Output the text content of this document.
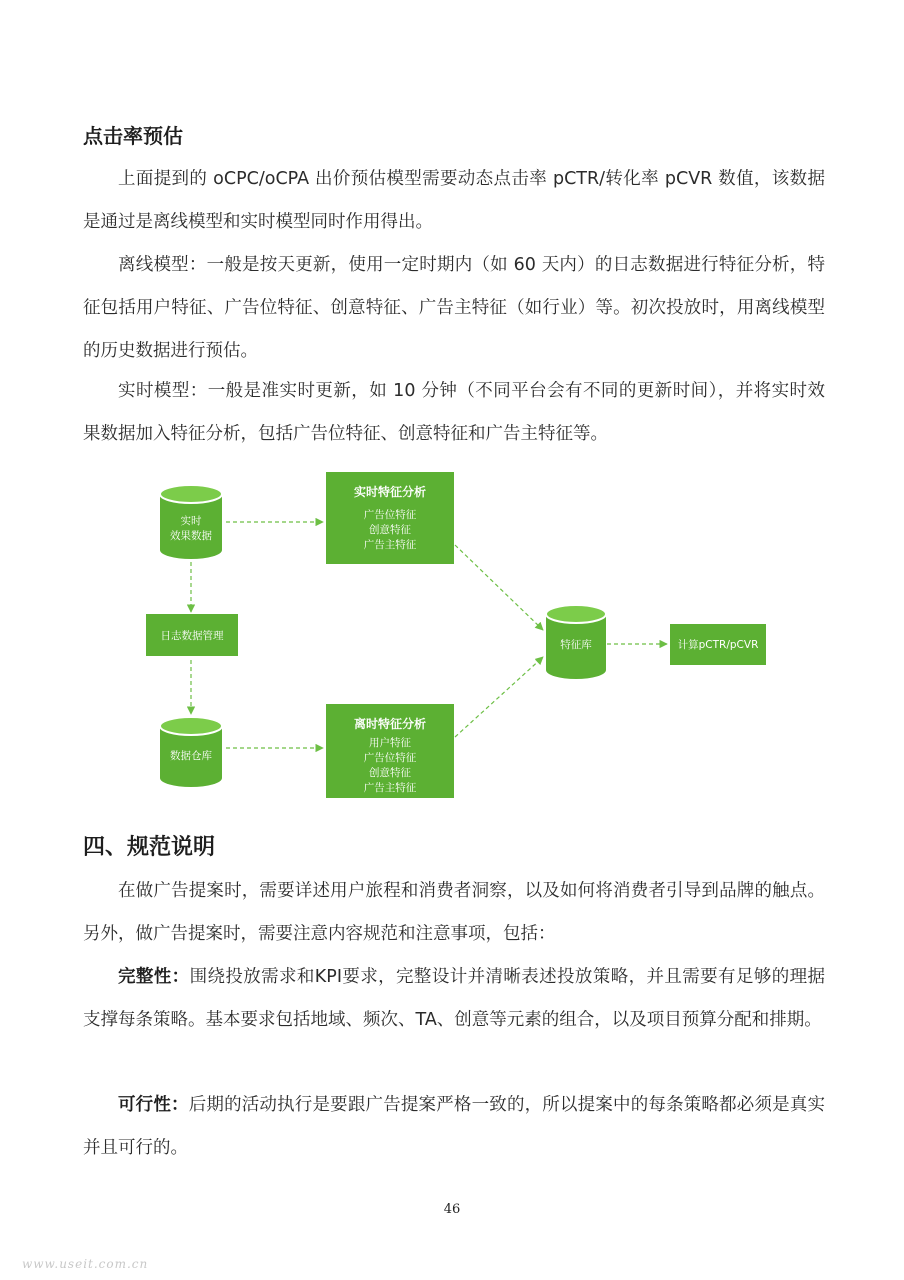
点击率预估

上面提到的 oCPC/oCPA 出价预估模型需要动态点击率 pCTR/转化率 pCVR 数值，该数据是通过是离线模型和实时模型同时作用得出。

离线模型：一般是按天更新，使用一定时期内（如 60 天内）的日志数据进行特征分析，特征包括用户特征、广告位特征、创意特征、广告主特征（如行业）等。初次投放时，用离线模型的历史数据进行预估。

实时模型：一般是准实时更新，如 10 分钟（不同平台会有不同的更新时间），并将实时效果数据加入特征分析，包括广告位特征、创意特征和广告主特征等。

实时
效果数据
日志数据管理
数据仓库
实时特征分析
广告位特征
创意特征
广告主特征
离时特征分析
用户特征
广告位特征
创意特征
广告主特征
特征库	计算pCTR/pCVR
四、规范说明

在做广告提案时，需要详述用户旅程和消费者洞察，以及如何将消费者引导到品牌的触点。另外，做广告提案时，需要注意内容规范和注意事项，包括：

完整性：围绕投放需求和KPI要求，完整设计并清晰表述投放策略，并且需要有足够的理据支撑每条策略。基本要求包括地域、频次、TA、创意等元素的组合，以及项目预算分配和排期。

可行性：后期的活动执行是要跟广告提案严格一致的，所以提案中的每条策略都必须是真实并且可行的。

46
www.useit.com.cn
